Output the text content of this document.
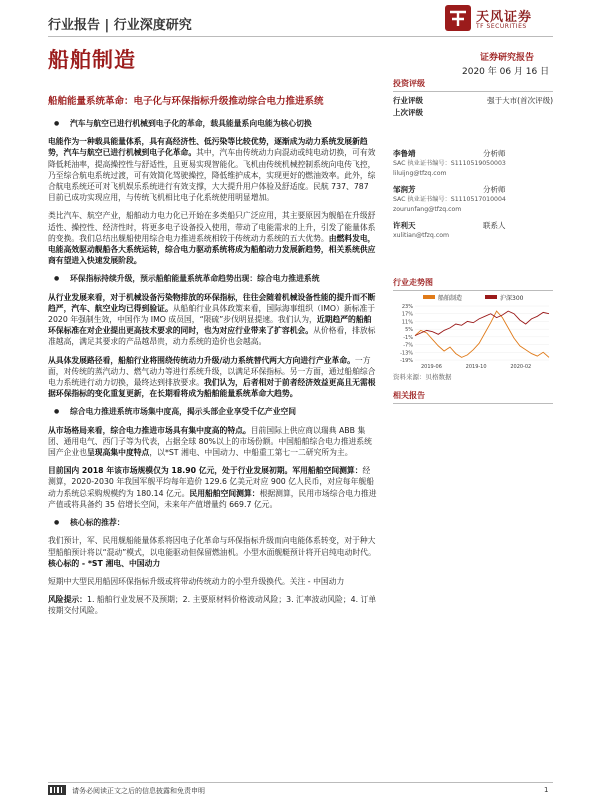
行业报告 | 行业深度研究
天风证券
TF SECURITIES
船舶制造	证券研究报告
2020 年 06 月 16 日
船舶能量系统革命：电子化与环保指标升级推动综合电力推进系统
● 汽车与航空已进行机械到电子化的革命，载具能量系向电能为核心切换

电能作为一种载具能量体系，具有高经济性、低污染等比较优势，逐渐成为动力系统发展新趋势，汽车与航空已进行机械到电子化革命。其中，汽车由传统动力向混动或纯电动切换，可有效降低耗油率，提高操控性与舒适性，且更易实现智能化。飞机由传统机械控制系统向电传飞控，乃至综合航电系统过渡，可有效简化驾驶操控，降低维护成本，实现更好的燃油效率。此外，综合航电系统还可对飞机娱乐系统进行有效支撑，大大提升用户体验及舒适度。民航 737、787 目前已成功实现应用，与传统飞机相比电子化系统使用明显增加。

类比汽车、航空产业，船舶动力电力化已开始在多类船只广泛应用，其主要原因为舰船在升级舒适性、操控性、经济性时，将更多电子设备投入使用，带动了电能需求的上升，引发了能量体系的变换。我们总结出舰船使用综合电力推进系统相较于传统动力系统的五大优势。由燃料发电，电能高效驱动舰船各大系统运转，综合电力驱动系统将成为船舶动力发展新趋势，相关系统供应商有望进入快速发展阶段。

● 环保指标持续升级，预示船舶能量系统革命趋势出现：综合电力推进系统

从行业发展来看，对于机械设备污染物排放的环保指标，往往会随着机械设备性能的提升而不断趋严，汽车、航空业均已得到验证。从船舶行业具体政策来看，国际海事组织（IMO）新标准于 2020 年强制生效，中国作为 IMO 成员国，“限硫”步伐明显提速。我们认为，近期趋严的船舶环保标准在对企业提出更高技术要求的同时，也为对应行业带来了扩容机会。从价格看，排放标准越高，满足其要求的产品越昂贵，动力系统的造价也会越高。

从具体发展路径看，船舶行业将围绕传统动力升级/动力系统替代两大方向进行产业革命。一方面，对传统的蒸汽动力、燃气动力等进行系统升级，以满足环保指标。另一方面，通过船舶综合电力系统进行动力切换，最终达到排放要求。我们认为，后者相对于前者经济效益更高且无需根据环保指标的变化重复更新，在长期看将成为船舶能量系统革命大趋势。

● 综合电力推进系统市场集中度高，揭示头部企业享受千亿产业空间

从市场格局来看，综合电力推进市场具有集中度高的特点。目前国际上供应商以瑞典 ABB 集团、通用电气、西门子等为代表，占据全球 80%以上的市场份额。中国船舶综合电力推进系统国产企业也呈现高集中度特点，以*ST 湘电、中国动力、中船重工第七一二研究所为主。

目前国内 2018 年该市场规模仅为 18.90 亿元，处于行业发展初期。军用船舶空间测算：经测算，2020-2030 年我国军舰平均每年造价 129.6 亿美元对应 900 亿人民币，对应每年舰船动力系统总采购规模约为 180.14 亿元。民用船舶空间测算：根据测算，民用市场综合电力推进产值或将具备约 35 倍增长空间，未来年产值增量约 669.7 亿元。

● 核心标的推荐：

我们预计，军、民用舰船能量体系将因电子化革命与环保指标升级而向电能体系转变，对于种大型船舶预计将以“混动”模式，以电能驱动但保留燃油机。小型水面舰艇预计将开启纯电动时代。核心标的 - *ST 湘电、中国动力

短期中大型民用船因环保指标升级或将带动传统动力的小型升级换代。关注 - 中国动力

风险提示：1. 船舶行业发展不及预期；2. 主要原材料价格波动风险；3. 汇率波动风险；4. 订单按期交付风险。

投资评级
行业评级	强于大市(首次评级)
上次评级
李鲁靖	分析师
SAC 执业证书编号：S1110519050003
liluijng@tfzq.com
邹润芳	分析师
SAC 执业证书编号：S1110517010004
zourunfang@tfzq.com
许利天	联系人
xulitian@tfzq.com
行业走势图
船舶制造	沪深300
23%
17%
11%
5%
-1%
-7%
-13%
-19%
2019-06	2019-10	2020-02
资料来源：贝格数据
相关报告
请务必阅读正文之后的信息披露和免责申明	1
